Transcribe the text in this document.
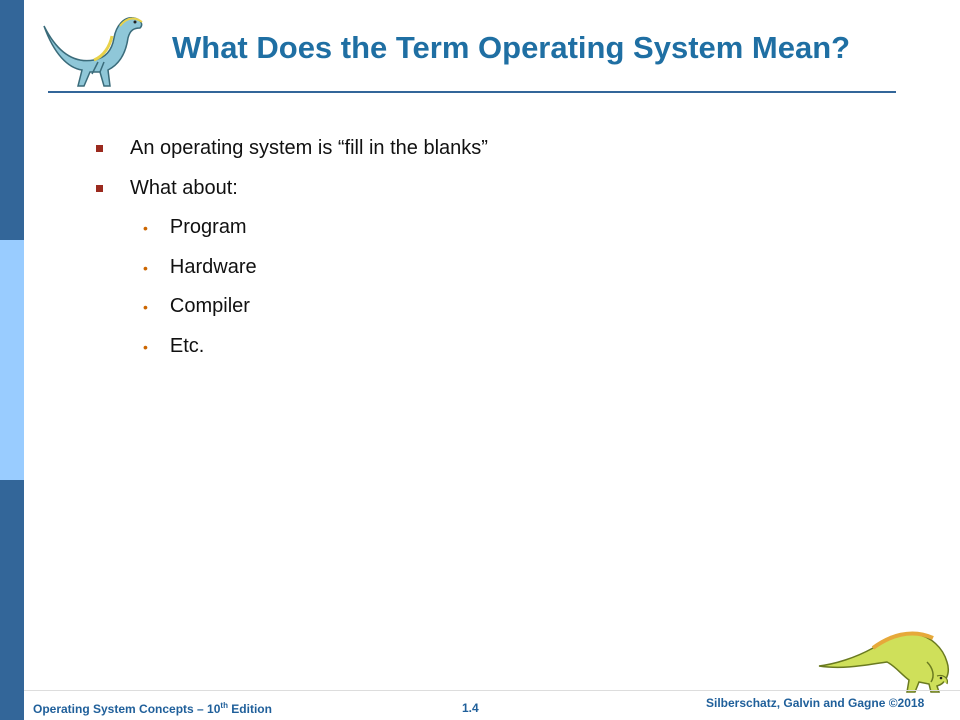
What Does the Term Operating System Mean?
An operating system is “fill in the blanks”
What about:
• Program
• Hardware
• Compiler
• Etc.
Operating System Concepts – 10th Edition	1.4	Silberschatz, Galvin and Gagne ©2018
